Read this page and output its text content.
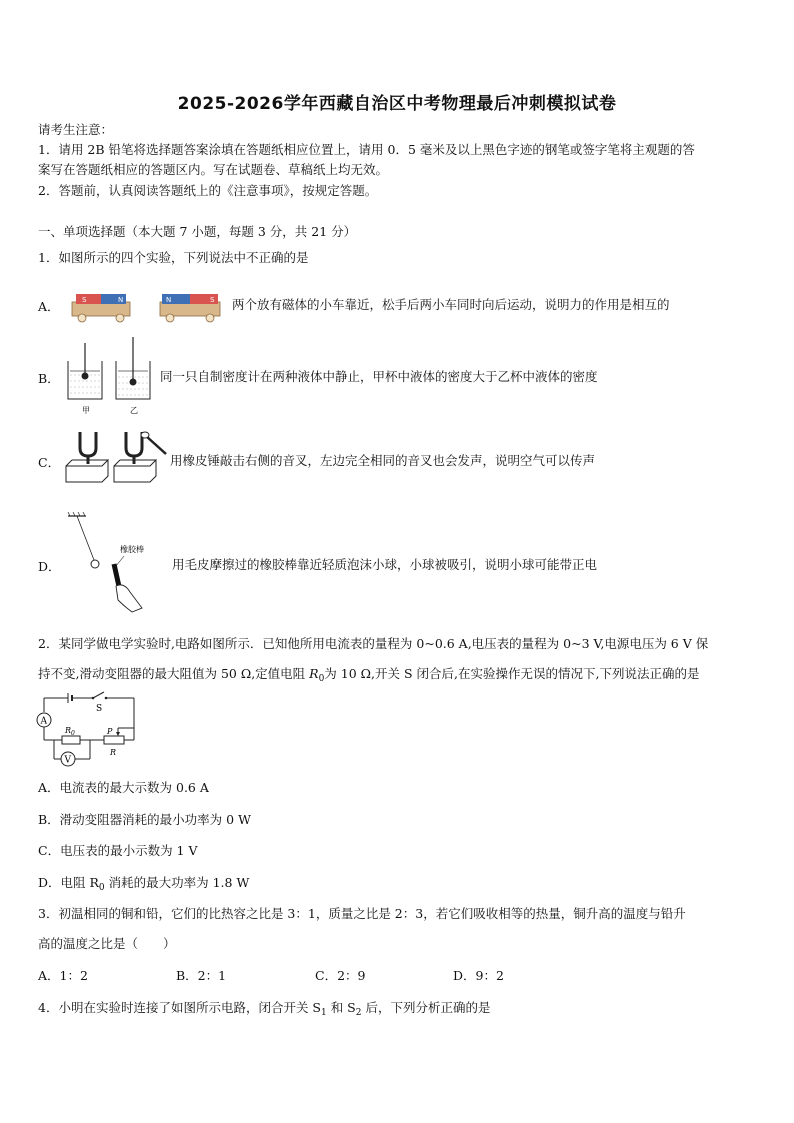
2025-2026学年西藏自治区中考物理最后冲刺模拟试卷
请考生注意：
1．请用 2B 铅笔将选择题答案涂填在答题纸相应位置上，请用 0．5 毫米及以上黑色字迹的钢笔或签字笔将主观题的答
案写在答题纸相应的答题区内。写在试题卷、草稿纸上均无效。
2．答题前，认真阅读答题纸上的《注意事项》，按规定答题。
一、单项选择题（本大题 7 小题，每题 3 分，共 21 分）
1．如图所示的四个实验，下列说法中不正确的是
A．	S	N	N	S 两个放有磁体的小车靠近，松手后两小车同时向后运动，说明力的作用是相互的
B．
甲	乙
同一只自制密度计在两种液体中静止，甲杯中液体的密度大于乙杯中液体的密度
C．	用橡皮锤敲击右侧的音叉，左边完全相同的音叉也会发声，说明空气可以传声
D．
橡胶棒
用毛皮摩擦过的橡胶棒靠近轻质泡沫小球，小球被吸引，说明小球可能带正电
2．某同学做电学实验时,电路如图所示．已知他所用电流表的量程为 0~0.6 A,电压表的量程为 0~3 V,电源电压为 6 V 保
持不变,滑动变阻器的最大阻值为 50 Ω,定值电阻 $R_0$为 10 Ω,开关 S 闭合后,在实验操作无误的情况下,下列说法正确的是
S
A
$R_0$	P
R
V
A．电流表的最大示数为 0.6 A
B．滑动变阻器消耗的最小功率为 0 W
C．电压表的最小示数为 1 V
D．电阻 $R_0$ 消耗的最大功率为 1.8 W
3．初温相同的铜和铅，它们的比热容之比是 3：1，质量之比是 2：3，若它们吸收相等的热量，铜升高的温度与铅升
高的温度之比是（　　）
A．1：2	B．2：1	C．2：9	D．9：2
4．小明在实验时连接了如图所示电路，闭合开关 $S_1$ 和 $S_2$ 后，下列分析正确的是
